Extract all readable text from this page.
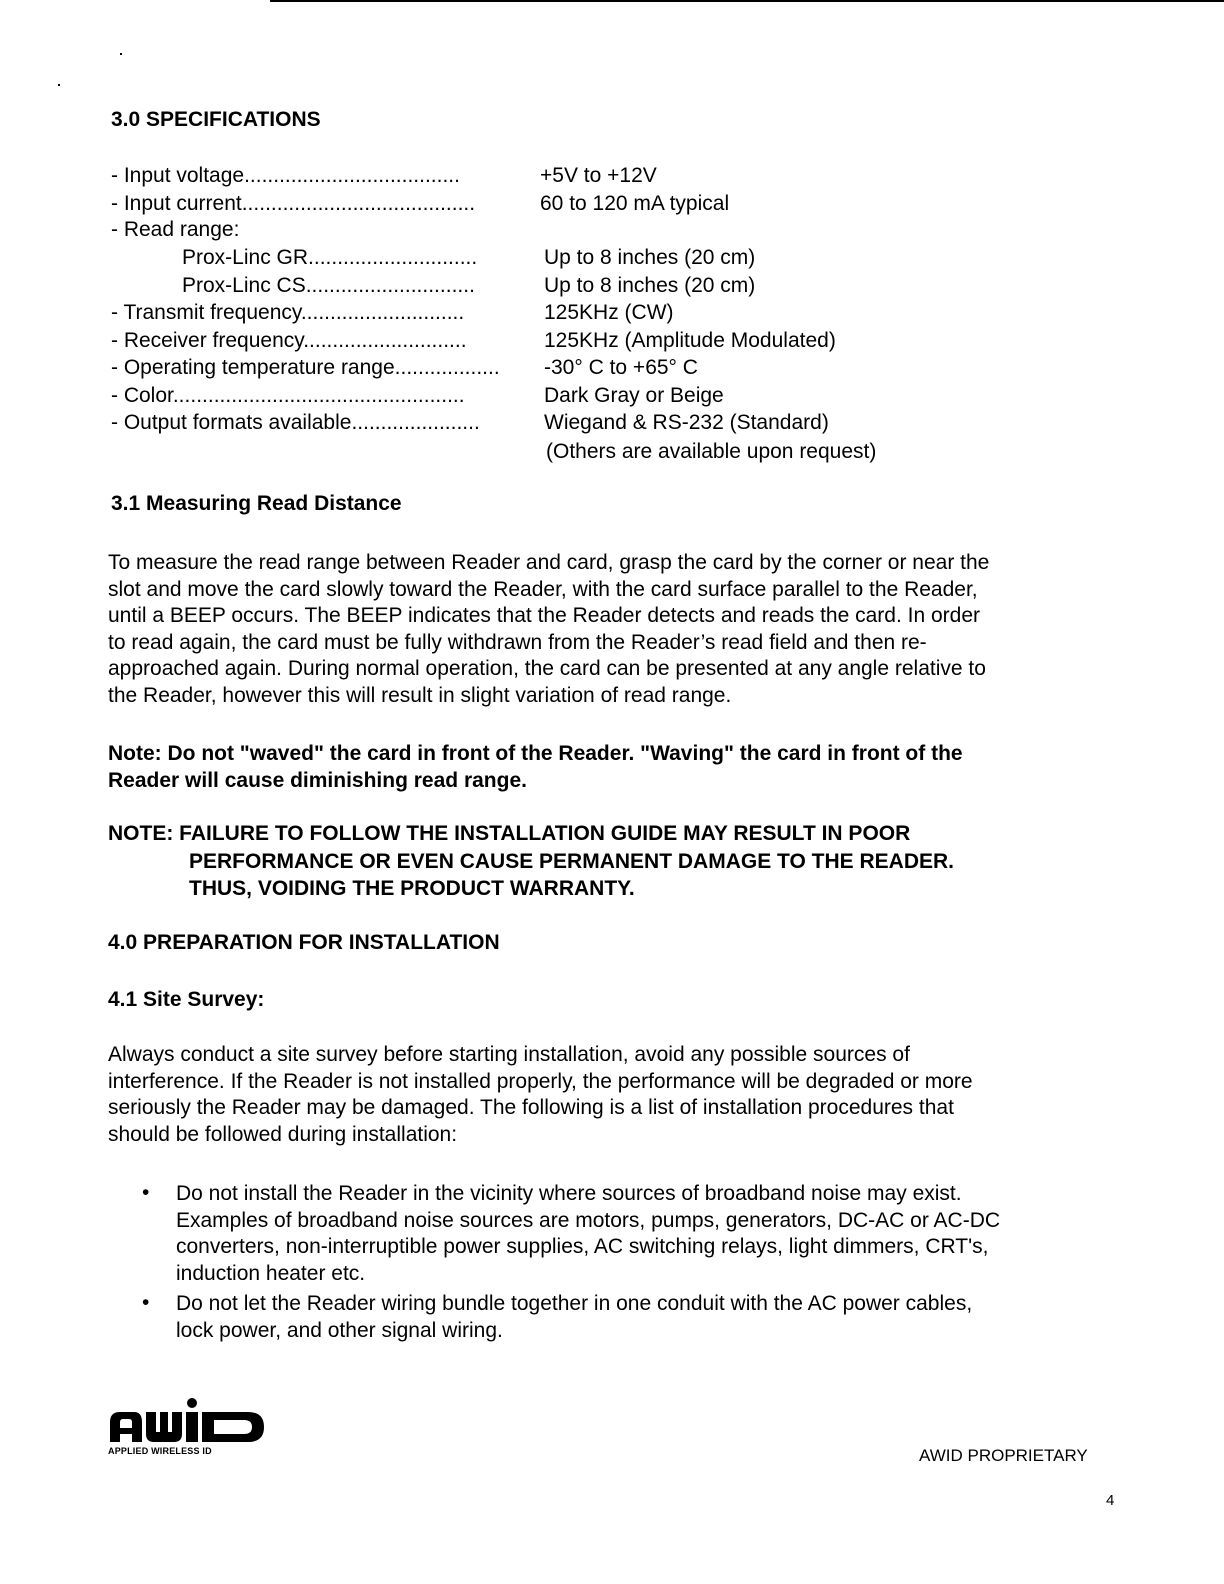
3.0 SPECIFICATIONS
- Input voltage.....................................	+5V to +12V
- Input current........................................	60 to 120 mA typical
- Read range:
Prox-Linc GR.............................	Up to 8 inches (20 cm)
Prox-Linc CS.............................	Up to 8 inches (20 cm)
- Transmit frequency............................	125KHz (CW)
- Receiver frequency............................	125KHz (Amplitude Modulated)
- Operating temperature range.................. -30° C to +65° C
- Color..................................................	Dark Gray or Beige
- Output formats available......................	Wiegand & RS-232 (Standard)
(Others are available upon request)
3.1 Measuring Read Distance
To measure the read range between Reader and card, grasp the card by the corner or near the
slot and move the card slowly toward the Reader, with the card surface parallel to the Reader,
until a BEEP occurs. The BEEP indicates that the Reader detects and reads the card. In order
to read again, the card must be fully withdrawn from the Reader’s read field and then re-
approached again. During normal operation, the card can be presented at any angle relative to
the Reader, however this will result in slight variation of read range.
Note: Do not "waved" the card in front of the Reader. "Waving" the card in front of the
Reader will cause diminishing read range.
NOTE: FAILURE TO FOLLOW THE INSTALLATION GUIDE MAY RESULT IN POOR
PERFORMANCE OR EVEN CAUSE PERMANENT DAMAGE TO THE READER.
THUS, VOIDING THE PRODUCT WARRANTY.
4.0 PREPARATION FOR INSTALLATION
4.1 Site Survey:
Always conduct a site survey before starting installation, avoid any possible sources of
interference. If the Reader is not installed properly, the performance will be degraded or more
seriously the Reader may be damaged. The following is a list of installation procedures that
should be followed during installation:
• Do not install the Reader in the vicinity where sources of broadband noise may exist.
Examples of broadband noise sources are motors, pumps, generators, DC-AC or AC-DC
converters, non-interruptible power supplies, AC switching relays, light dimmers, CRT's,
induction heater etc.
• Do not let the Reader wiring bundle together in one conduit with the AC power cables,
lock power, and other signal wiring.
APPLIED WIRELESS ID	AWID PROPRIETARY
4
